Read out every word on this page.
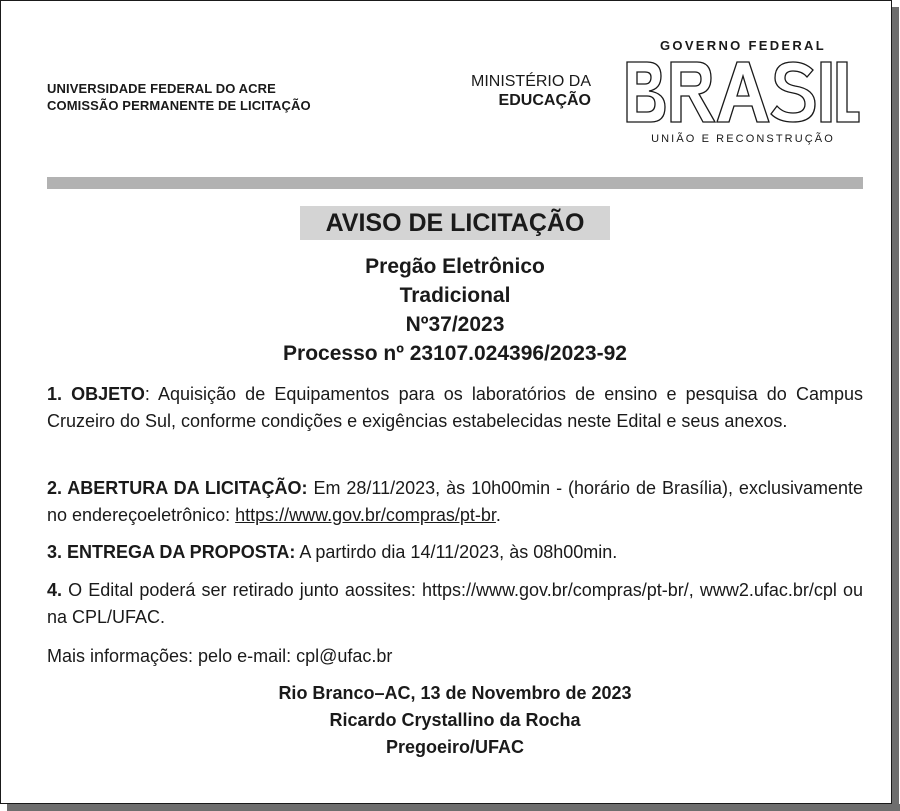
UNIVERSIDADE FEDERAL DO ACRE
COMISSÃO PERMANENTE DE LICITAÇÃO
MINISTÉRIO DA
EDUCAÇÃO
GOVERNO FEDERAL
UNIÃO E RECONSTRUÇÃO
AVISO DE LICITAÇÃO
Pregão Eletrônico
Tradicional
Nº37/2023
Processo nº 23107.024396/2023-92
1. OBJETO: Aquisição de Equipamentos para os laboratórios de ensino e pesquisa do Campus Cruzeiro do Sul, conforme condições e exigências estabelecidas neste Edital e seus anexos.
2. ABERTURA DA LICITAÇÃO: Em 28/11/2023, às 10h00min - (horário de Brasília), exclusivamente no endereçoeletrônico: https://www.gov.br/compras/pt-br.
3. ENTREGA DA PROPOSTA: A partirdo dia 14/11/2023, às 08h00min.
4. O Edital poderá ser retirado junto aossites: https://www.gov.br/compras/pt-br/, www2.ufac.br/cpl ou na CPL/UFAC.
Mais informações: pelo e-mail: cpl@ufac.br
Rio Branco–AC, 13 de Novembro de 2023
Ricardo Crystallino da Rocha
Pregoeiro/UFAC
